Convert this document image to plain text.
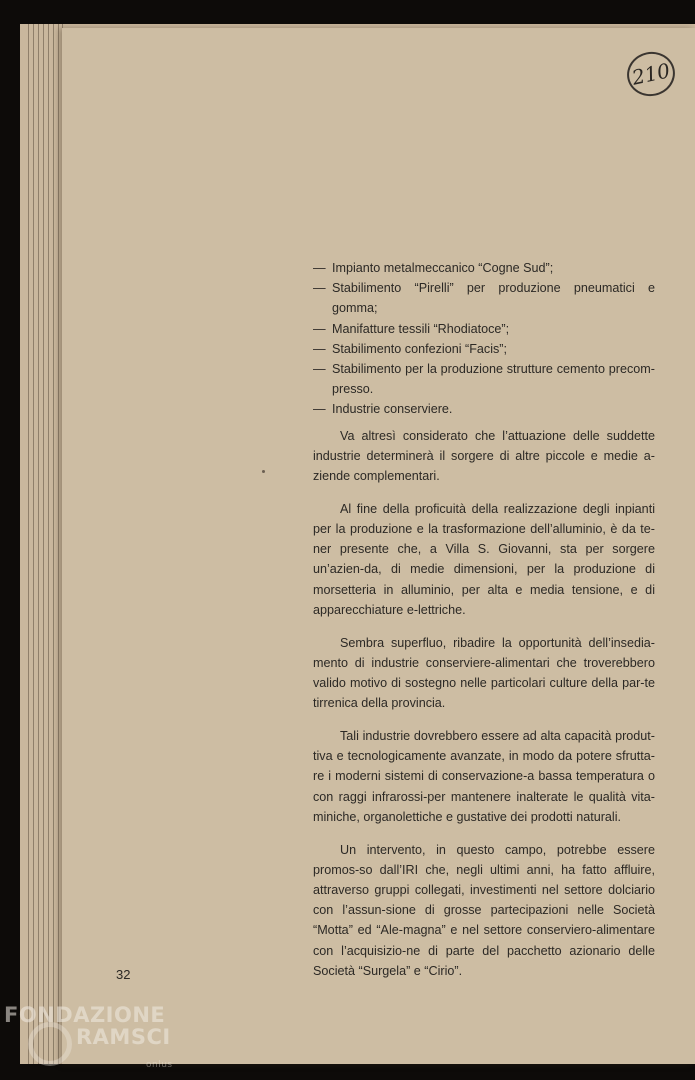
210
— Impianto metalmeccanico “Cogne Sud”;
— Stabilimento “Pirelli” per produzione pneumatici e gomma;
— Manifatture tessili “Rhodiatoce”;
— Stabilimento confezioni “Facis”;
— Stabilimento per la produzione strutture cemento precom-presso.
— Industrie conserviere.

Va altresì considerato che l’attuazione delle suddette industrie determinerà il sorgere di altre piccole e medie a-ziende complementari.

Al fine della proficuità della realizzazione degli inpianti per la produzione e la trasformazione dell’alluminio, è da te-ner presente che, a Villa S. Giovanni, sta per sorgere un’azien-da, di medie dimensioni, per la produzione di morsetteria in alluminio, per alta e media tensione, e di apparecchiature e-lettriche.

Sembra superfluo, ribadire la opportunità dell’insedia-mento di industrie conserviere-alimentari che troverebbero valido motivo di sostegno nelle particolari culture della par-te tirrenica della provincia.

Tali industrie dovrebbero essere ad alta capacità produt-tiva e tecnologicamente avanzate, in modo da potere sfrutta-re i moderni sistemi di conservazione-a bassa temperatura o con raggi infrarossi-per mantenere inalterate le qualità vita-miniche, organolettiche e gustative dei prodotti naturali.

Un intervento, in questo campo, potrebbe essere promos-so dall’IRI che, negli ultimi anni, ha fatto affluire, attraverso gruppi collegati, investimenti nel settore dolciario con l’assun-sione di grosse partecipazioni nelle Società “Motta” ed “Ale-magna” e nel settore conserviero-alimentare con l’acquisizio-ne di parte del pacchetto azionario delle Società “Surgela” e “Cirio”.

32
FONDAZIONE
RAMSCI
onlus
